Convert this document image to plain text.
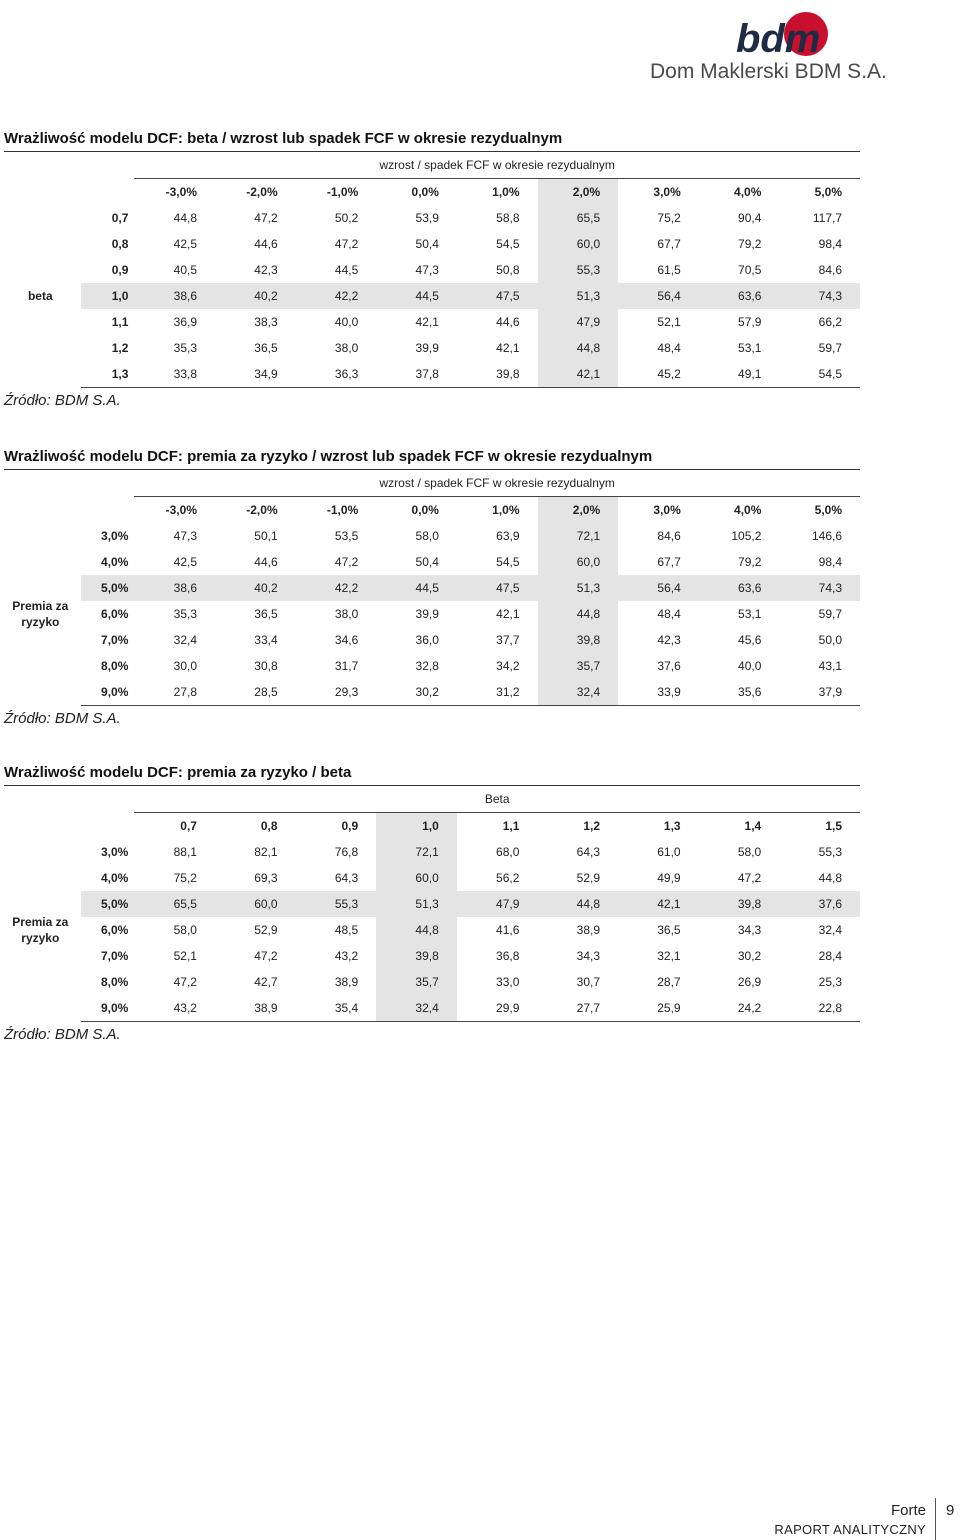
bdm
Dom Maklerski BDM S.A.
Wrażliwość modelu DCF: beta / wzrost lub spadek FCF w okresie rezydualnym
		wzrost / spadek FCF w okresie rezydualnym								
		-3,0%	-2,0%	-1,0%	0,0%	1,0%	2,0%	3,0%	4,0%	5,0%
beta	0,7	44,8	47,2	50,2	53,9	58,8	65,5	75,2	90,4	117,7
	0,8	42,5	44,6	47,2	50,4	54,5	60,0	67,7	79,2	98,4
	0,9	40,5	42,3	44,5	47,3	50,8	55,3	61,5	70,5	84,6
	1,0	38,6	40,2	42,2	44,5	47,5	51,3	56,4	63,6	74,3
	1,1	36,9	38,3	40,0	42,1	44,6	47,9	52,1	57,9	66,2
	1,2	35,3	36,5	38,0	39,9	42,1	44,8	48,4	53,1	59,7
	1,3	33,8	34,9	36,3	37,8	39,8	42,1	45,2	49,1	54,5
Źródło: BDM S.A.
Wrażliwość modelu DCF: premia za ryzyko / wzrost lub spadek FCF w okresie rezydualnym
		wzrost / spadek FCF w okresie rezydualnym								
		-3,0%	-2,0%	-1,0%	0,0%	1,0%	2,0%	3,0%	4,0%	5,0%
Premia za
ryzyko	3,0%	47,3	50,1	53,5	58,0	63,9	72,1	84,6	105,2	146,6
	4,0%	42,5	44,6	47,2	50,4	54,5	60,0	67,7	79,2	98,4
	5,0%	38,6	40,2	42,2	44,5	47,5	51,3	56,4	63,6	74,3
	6,0%	35,3	36,5	38,0	39,9	42,1	44,8	48,4	53,1	59,7
	7,0%	32,4	33,4	34,6	36,0	37,7	39,8	42,3	45,6	50,0
	8,0%	30,0	30,8	31,7	32,8	34,2	35,7	37,6	40,0	43,1
	9,0%	27,8	28,5	29,3	30,2	31,2	32,4	33,9	35,6	37,9
Źródło: BDM S.A.
Wrażliwość modelu DCF: premia za ryzyko / beta
		Beta								
		0,7	0,8	0,9	1,0	1,1	1,2	1,3	1,4	1,5
Premia za
ryzyko	3,0%	88,1	82,1	76,8	72,1	68,0	64,3	61,0	58,0	55,3
	4,0%	75,2	69,3	64,3	60,0	56,2	52,9	49,9	47,2	44,8
	5,0%	65,5	60,0	55,3	51,3	47,9	44,8	42,1	39,8	37,6
	6,0%	58,0	52,9	48,5	44,8	41,6	38,9	36,5	34,3	32,4
	7,0%	52,1	47,2	43,2	39,8	36,8	34,3	32,1	30,2	28,4
	8,0%	47,2	42,7	38,9	35,7	33,0	30,7	28,7	26,9	25,3
	9,0%	43,2	38,9	35,4	32,4	29,9	27,7	25,9	24,2	22,8
Źródło: BDM S.A.
Forte
RAPORT ANALITYCZNY
9
